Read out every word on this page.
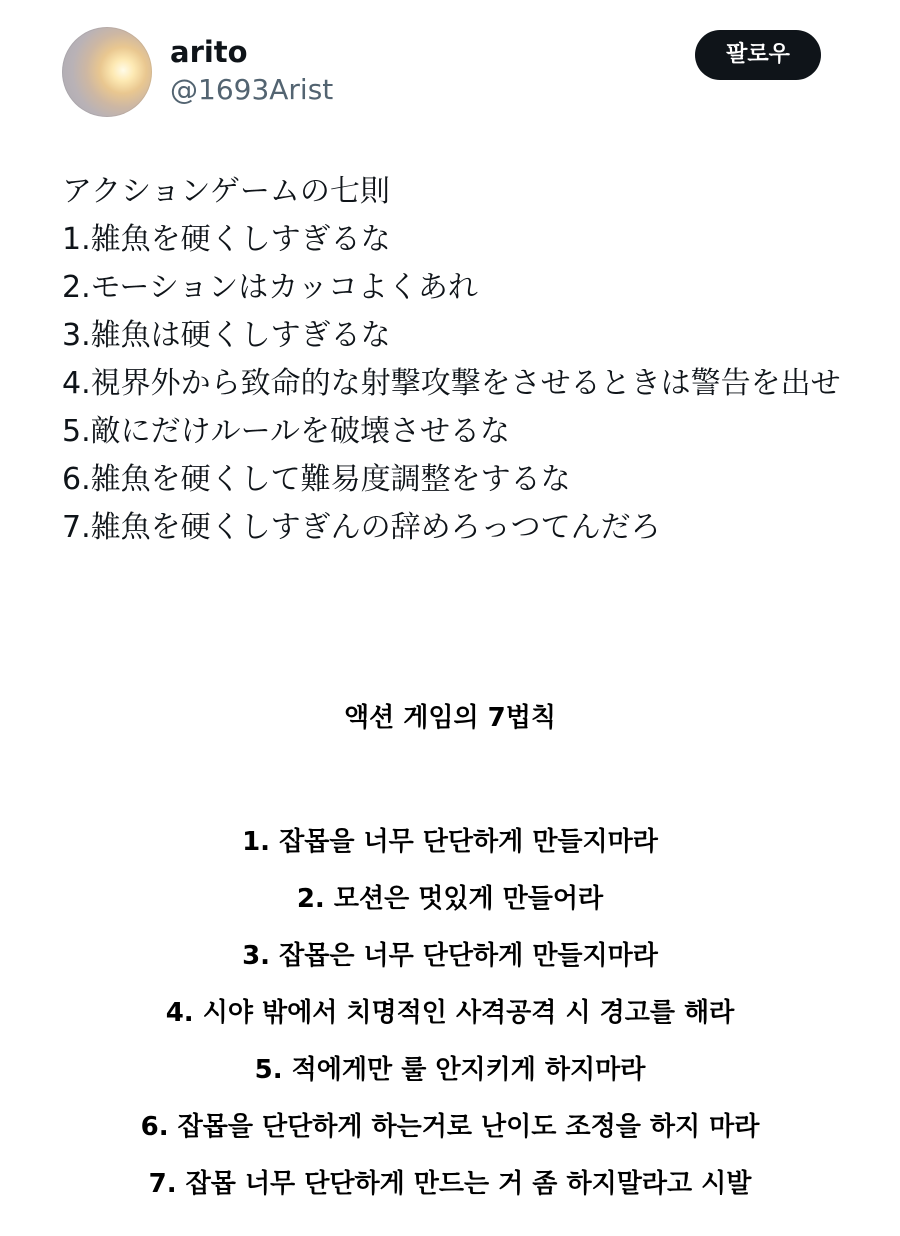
arito
@1693Arist
팔로우
アクションゲームの七則
1.雑魚を硬くしすぎるな
2.モーションはカッコよくあれ
3.雑魚は硬くしすぎるな
4.視界外から致命的な射撃攻撃をさせるときは警告を出せ
5.敵にだけルールを破壊させるな
6.雑魚を硬くして難易度調整をするな
7.雑魚を硬くしすぎんの辞めろっつてんだろ
액션 게임의 7법칙
1. 잡몹을 너무 단단하게 만들지마라
2. 모션은 멋있게 만들어라
3. 잡몹은 너무 단단하게 만들지마라
4. 시야 밖에서 치명적인 사격공격 시 경고를 해라
5. 적에게만 룰 안지키게 하지마라
6. 잡몹을 단단하게 하는거로 난이도 조정을 하지 마라
7. 잡몹 너무 단단하게 만드는 거 좀 하지말라고 시발
